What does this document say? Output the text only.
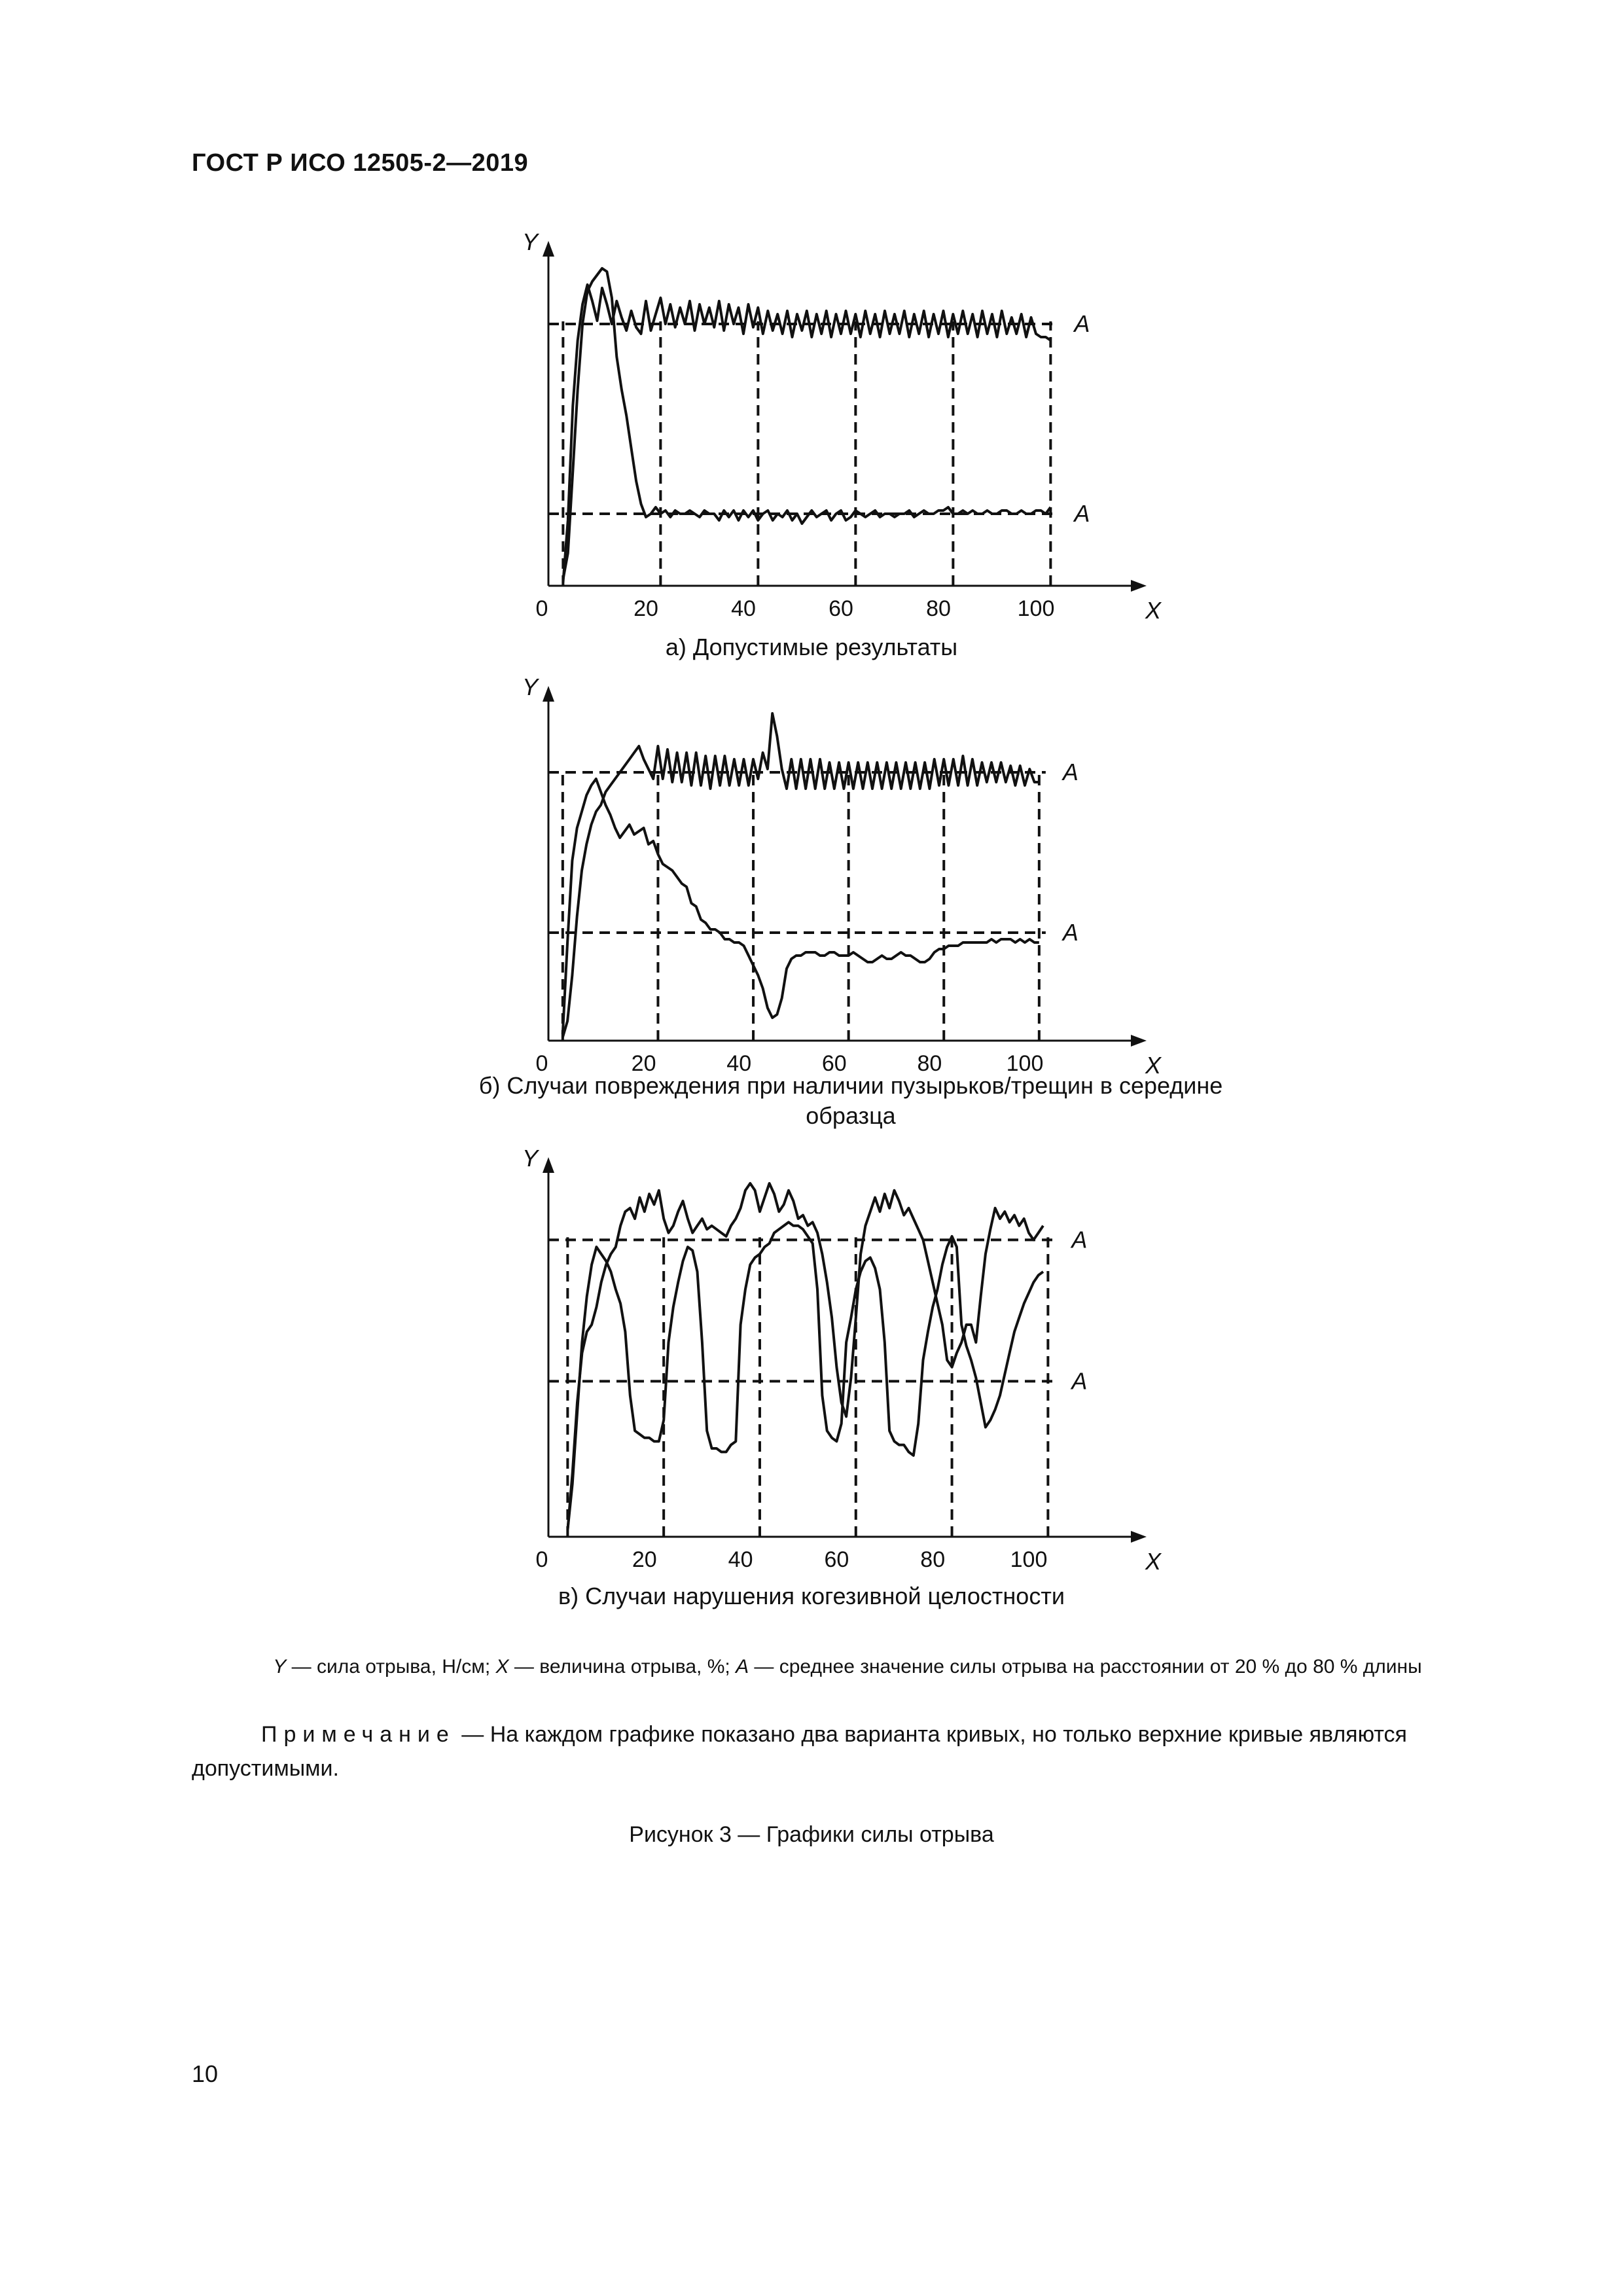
ГОСТ Р ИСО 12505-2—2019
Y
X
A
A
0	20	40	60	80	100
а) Допустимые результаты
Y
X
A
A
0	20	40	60	80	100
б) Случаи повреждения при наличии пузырьков/трещин в середине образца
Y
X
A
A
0	20	40	60	80	100
в) Случаи нарушения когезивной целостности
Y — сила отрыва, Н/см; X — величина отрыва, %; A — среднее значение силы отрыва на расстоянии от 20 % до 80 % длины
Примечание — На каждом графике показано два варианта кривых, но только верхние кривые являются допустимыми.
Рисунок 3 — Графики силы отрыва
10
